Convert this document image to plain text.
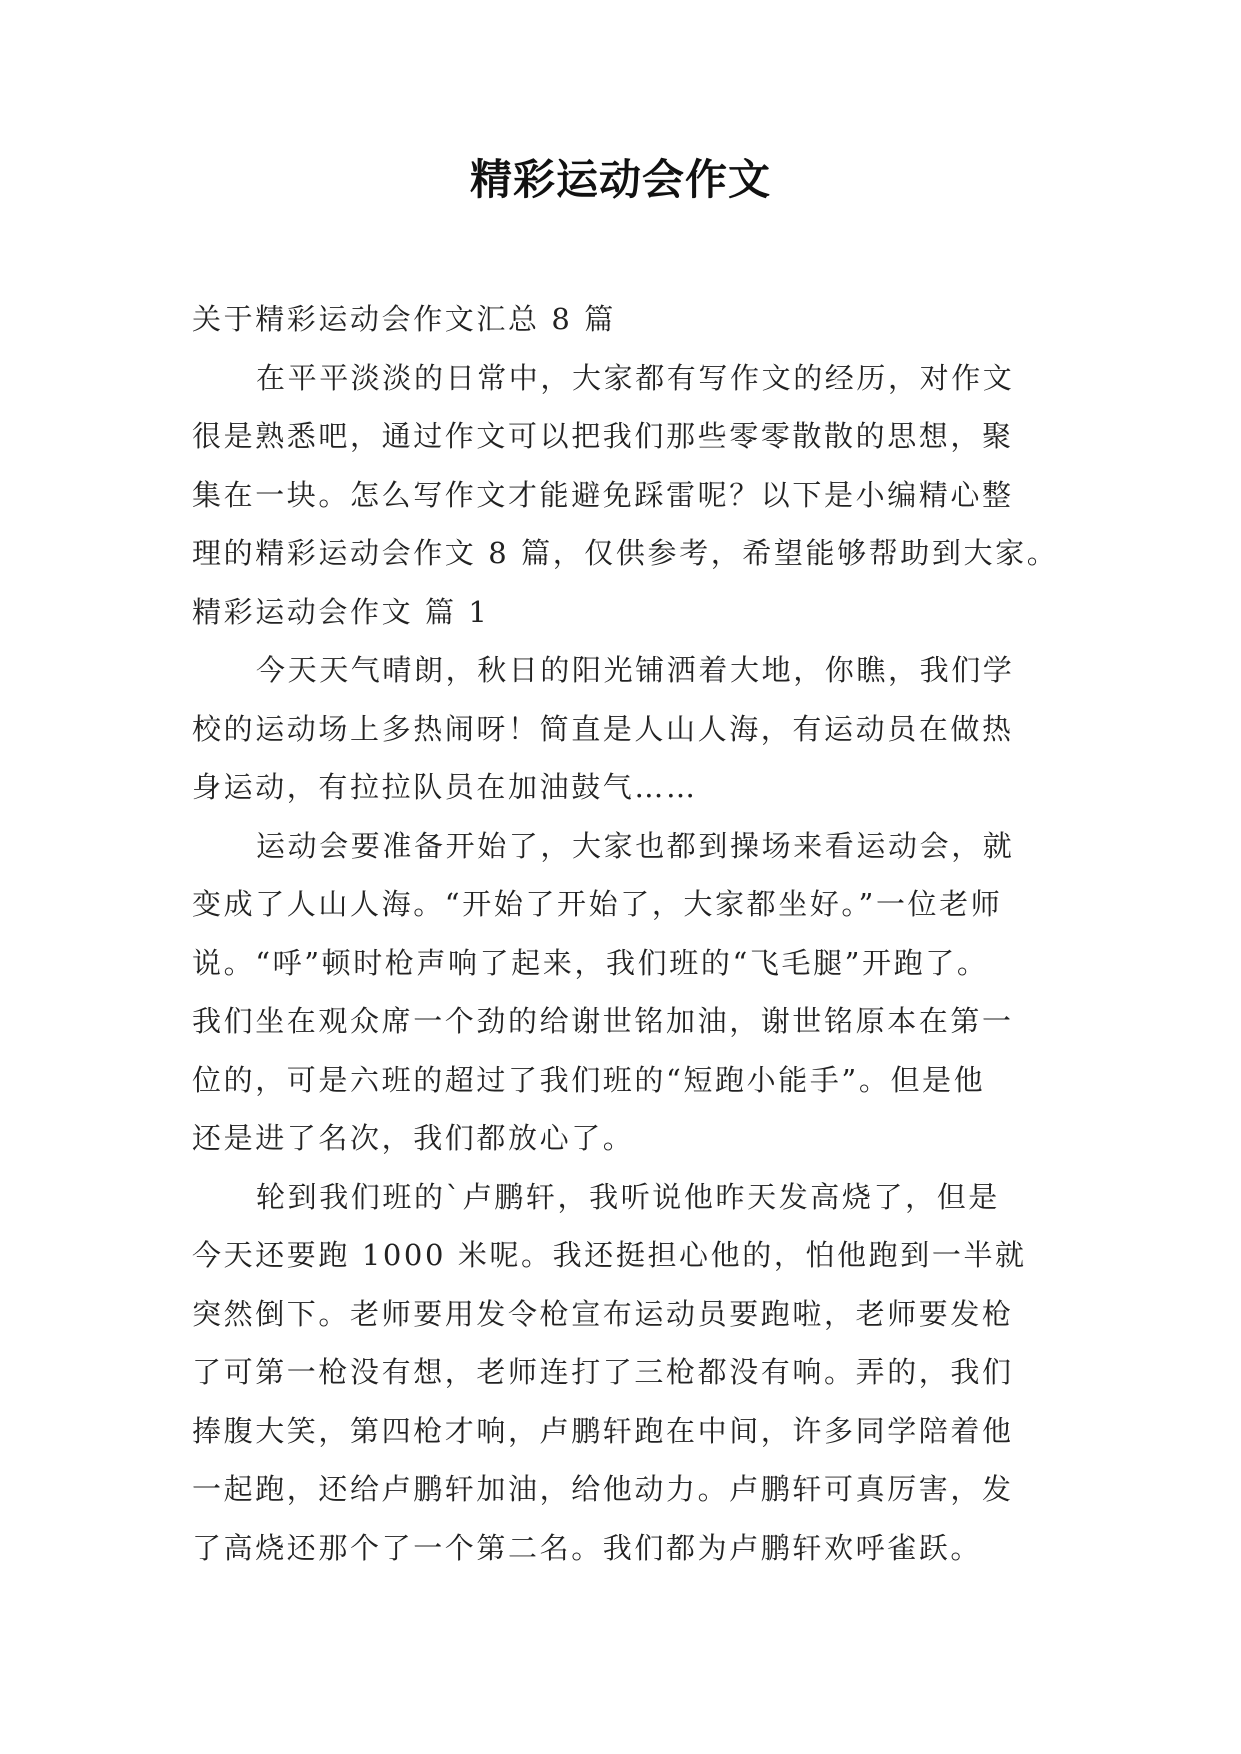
精彩运动会作文
关于精彩运动会作文汇总 8 篇
在平平淡淡的日常中，大家都有写作文的经历，对作文
很是熟悉吧，通过作文可以把我们那些零零散散的思想，聚
集在一块。怎么写作文才能避免踩雷呢？以下是小编精心整
理的精彩运动会作文 8 篇，仅供参考，希望能够帮助到大家。
精彩运动会作文 篇 1
今天天气晴朗，秋日的阳光铺洒着大地，你瞧，我们学
校的运动场上多热闹呀！简直是人山人海，有运动员在做热
身运动，有拉拉队员在加油鼓气……
运动会要准备开始了，大家也都到操场来看运动会，就
变成了人山人海。“开始了开始了，大家都坐好。”一位老师
说。“呼”顿时枪声响了起来，我们班的“飞毛腿”开跑了。
我们坐在观众席一个劲的给谢世铭加油，谢世铭原本在第一
位的，可是六班的超过了我们班的“短跑小能手”。但是他
还是进了名次，我们都放心了。
轮到我们班的`卢鹏轩，我听说他昨天发高烧了，但是
今天还要跑 1000 米呢。我还挺担心他的，怕他跑到一半就
突然倒下。老师要用发令枪宣布运动员要跑啦，老师要发枪
了可第一枪没有想，老师连打了三枪都没有响。弄的，我们
捧腹大笑，第四枪才响，卢鹏轩跑在中间，许多同学陪着他
一起跑，还给卢鹏轩加油，给他动力。卢鹏轩可真厉害，发
了高烧还那个了一个第二名。我们都为卢鹏轩欢呼雀跃。
